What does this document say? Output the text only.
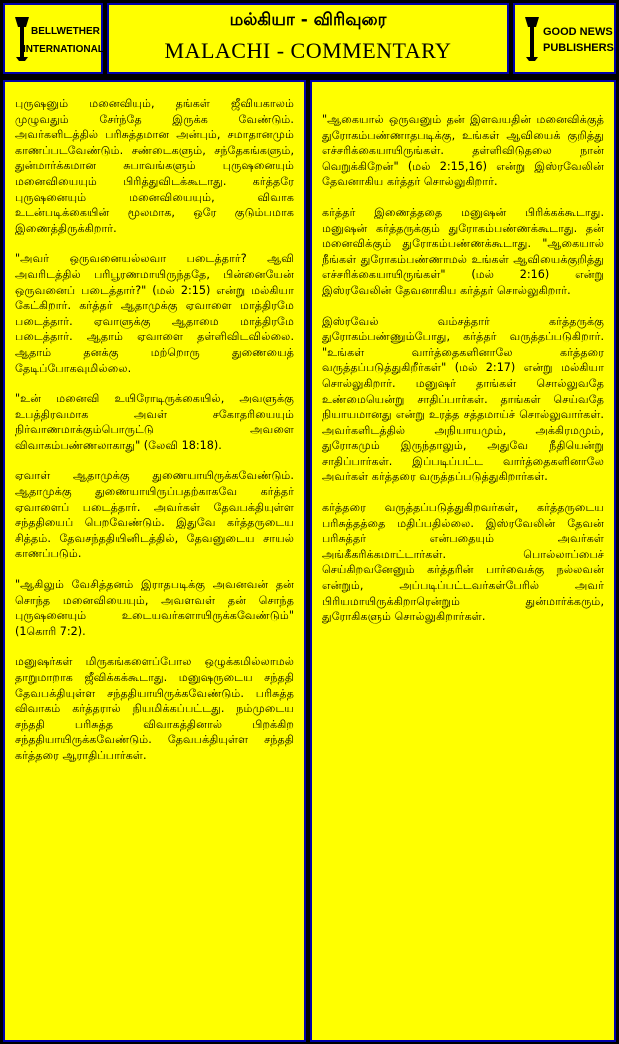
BELLWETHER
INTERNATIONAL
மல்கியா - விரிவுரை
MALACHI - COMMENTARY
GOOD NEWS
PUBLISHERS

புருஷனும் மனைவியும், தங்கள் ஜீவியகாலம் முழுவதும் சேர்ந்தே இருக்க வேண்டும். அவர்களிடத்தில் பரிசுத்தமான அன்பும், சமாதானமும் காணப்படவேண்டும். சண்டைகளும், சந்தேகங்களும், துன்மார்க்கமான சுபாவங்களும் புருஷனையும் மனைவியையும் பிரித்துவிடக்கூடாது. கர்த்தரே புருஷனையும் மனைவியையும், விவாக உடன்படிக்கையின் மூலமாக, ஒரே குடும்பமாக இணைத்திருக்கிறார்.

"அவர் ஒருவனையல்லவா படைத்தார்? ஆவி அவரிடத்தில் பரிபூரணமாயிருந்ததே, பின்னையேன் ஒருவனைப் படைத்தார்?" (மல் 2:15) என்று மல்கியா கேட்கிறார். கர்த்தர் ஆதாமுக்கு ஏவாளை மாத்திரமே படைத்தார். ஏவாளுக்கு ஆதாமை மாத்திரமே படைத்தார். ஆதாம் ஏவாளை தள்ளிவிடவில்லை. ஆதாம் தனக்கு மற்றொரு துணையைத் தேடிப்போகவுமில்லை.

"உன் மனைவி உயிரோடிருக்கையில், அவளுக்கு உபத்திரவமாக அவள் சகோதரியையும் நிர்வாணமாக்கும்பொருட்டு அவளை விவாகம்பண்ணலாகாது" (லேவி 18:18).

ஏவாள் ஆதாமுக்கு துணையாயிருக்கவேண்டும். ஆதாமுக்கு துணையாயிருப்பதற்காகவே கர்த்தர் ஏவாளைப் படைத்தார். அவர்கள் தேவபக்தியுள்ள சந்ததியைப் பெறவேண்டும். இதுவே கர்த்தருடைய சித்தம். தேவசந்ததியினிடத்தில், தேவனுடைய சாயல் காணப்படும்.

"ஆகிலும் வேசித்தனம் இராதபடிக்கு அவனவன் தன் சொந்த மனைவியையும், அவளவள் தன் சொந்த புருஷனையும் உடையவர்களாயிருக்கவேண்டும்"(1கொரி 7:2).

மனுஷர்கள் மிருகங்களைப்போல ஒழுக்கமில்லாமல் தாறுமாறாக ஜீவிக்கக்கூடாது. மனுஷருடைய சந்ததி தேவபக்தியுள்ள சந்ததியாயிருக்கவேண்டும். பரிசுத்த விவாகம் கர்த்தரால் நியமிக்கப்பட்டது. நம்முடைய சந்ததி பரிசுத்த விவாகத்தினால் பிறக்கிற சந்ததியாயிருக்கவேண்டும். தேவபக்தியுள்ள சந்ததி கர்த்தரை ஆராதிப்பார்கள்.

"ஆகையால் ஒருவனும் தன் இளவயதின் மனைவிக்குத் துரோகம்பண்ணாதபடிக்கு, உங்கள் ஆவியைக் குறித்து எச்சரிக்கையாயிருங்கள். தள்ளிவிடுதலை நான் வெறுக்கிறேன்" (மல் 2:15,16) என்று இஸ்ரவேலின் தேவனாகிய கர்த்தர் சொல்லுகிறார்.

கர்த்தர் இணைத்ததை மனுஷன் பிரிக்கக்கூடாது. மனுஷன் கர்த்தருக்கும் துரோகம்பண்ணக்கூடாது. தன் மனைவிக்கும் துரோகம்பண்ணக்கூடாது. "ஆகையால் நீங்கள் துரோகம்பண்ணாமல் உங்கள் ஆவியைக்குறித்து எச்சரிக்கையாயிருங்கள்" (மல் 2:16) என்று இஸ்ரவேலின் தேவனாகிய கர்த்தர் சொல்லுகிறார்.

இஸ்ரவேல் வம்சத்தார் கர்த்தருக்கு துரோகம்பண்ணும்போது, கர்த்தர் வருத்தப்படுகிறார். "உங்கள் வார்த்தைகளினாலே கர்த்தரை வருத்தப்படுத்துகிறீர்கள்" (மல் 2:17) என்று மல்கியா சொல்லுகிறார். மனுஷர் தாங்கள் சொல்லுவதே உண்மையென்று சாதிப்பார்கள். தாங்கள் செய்வதே நியாயமானது என்று உரத்த சத்தமாய்ச் சொல்லுவார்கள். அவர்களிடத்தில் அநியாயமும், அக்கிரமமும், துரோகமும் இருந்தாலும், அதுவே நீதியென்று சாதிப்பார்கள். இப்படிப்பட்ட வார்த்தைகளினாலே அவர்கள் கர்த்தரை வருத்தப்படுத்துகிறார்கள்.

கர்த்தரை வருத்தப்படுத்துகிறவர்கள், கர்த்தருடைய பரிசுத்தத்தை மதிப்பதில்லை. இஸ்ரவேலின் தேவன் பரிசுத்தர் என்பதையும் அவர்கள் அங்கீகரிக்கமாட்டார்கள். பொல்லாப்பைச் செய்கிறவனேனும் கர்த்தரின் பார்வைக்கு நல்லவன் என்றும், அப்படிப்பட்டவர்கள்பேரில் அவர் பிரியமாயிருக்கிறாரென்றும் துன்மார்க்கரும், துரோகிகளும் சொல்லுகிறார்கள்.
